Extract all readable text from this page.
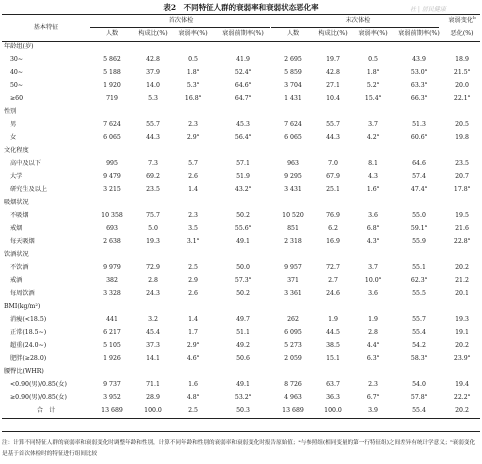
表2　不同特征人群的衰弱率和衰弱状态恶化率	社 | 居民健康
基本特征	首次体检				末次体检				衰弱变化$^b$
	人数	构成比(%)	衰弱率(%)	衰弱前期率(%)	人数	构成比(%)	衰弱率(%)	衰弱前期率(%)	恶化(%)
年龄组(岁)									
30~	5 862	42.8	0.5	41.9	2 695	19.7	0.5	43.9	18.9
40~	5 188	37.9	1.8$^a$	52.4$^a$	5 859	42.8	1.8$^a$	53.0$^a$	21.5$^a$
50~	1 920	14.0	5.3$^a$	64.6$^a$	3 704	27.1	5.2$^a$	63.3$^a$	20.0
≥60	719	5.3	16.8$^a$	64.7$^a$	1 431	10.4	15.4$^a$	66.3$^a$	22.1$^a$
性别									
男	7 624	55.7	2.3	45.3	7 624	55.7	3.7	51.3	20.5
女	6 065	44.3	2.9$^a$	56.4$^a$	6 065	44.3	4.2$^a$	60.6$^a$	19.8
文化程度									
高中及以下	995	7.3	5.7	57.1	963	7.0	8.1	64.6	23.5
大学	9 479	69.2	2.6	51.9	9 295	67.9	4.3	57.4	20.7
研究生及以上	3 215	23.5	1.4	43.2$^a$	3 431	25.1	1.6$^a$	47.4$^a$	17.8$^a$
吸烟状况									
不吸烟	10 358	75.7	2.3	50.2	10 520	76.9	3.6	55.0	19.5
戒烟	693	5.0	3.5	55.6$^a$	851	6.2	6.8$^a$	59.1$^a$	21.6
每天吸烟	2 638	19.3	3.1$^a$	49.1	2 318	16.9	4.3$^a$	55.9	22.8$^a$
饮酒状况									
不饮酒	9 979	72.9	2.5	50.0	9 957	72.7	3.7	55.1	20.2
戒酒	382	2.8	2.9	57.3$^a$	371	2.7	10.0$^a$	62.3$^a$	21.2
每周饮酒	3 328	24.3	2.6	50.2	3 361	24.6	3.6	55.5	20.1
BMI(kg/m²)									
消瘦(<18.5)	441	3.2	1.4	49.7	262	1.9	1.9	55.7	19.3
正常(18.5~)	6 217	45.4	1.7	51.1	6 095	44.5	2.8	55.4	19.1
超重(24.0~)	5 105	37.3	2.9$^a$	49.2	5 273	38.5	4.4$^a$	54.2	20.2
肥胖(≥28.0)	1 926	14.1	4.6$^a$	50.6	2 059	15.1	6.3$^a$	58.3$^a$	23.9$^a$
腰臀比(WHR)									
<0.90(男)/0.85(女)	9 737	71.1	1.6	49.1	8 726	63.7	2.3	54.0	19.4
≥0.90(男)/0.85(女)	3 952	28.9	4.8$^a$	53.2$^a$	4 963	36.3	6.7$^a$	57.8$^a$	22.2$^a$
合　计	13 689	100.0	2.5	50.3	13 689	100.0	3.9	55.4	20.2
注：计算不同特征人群的衰弱率和衰弱变化时调整年龄和性别，计算不同年龄和性别的衰弱率和衰弱变化时报告原始值；ᵃ与参照组(相同变量的第一行特征组)之间差异有统计学意义；ᵇ衰弱变化是基于首次体检时的特征进行组间比较
